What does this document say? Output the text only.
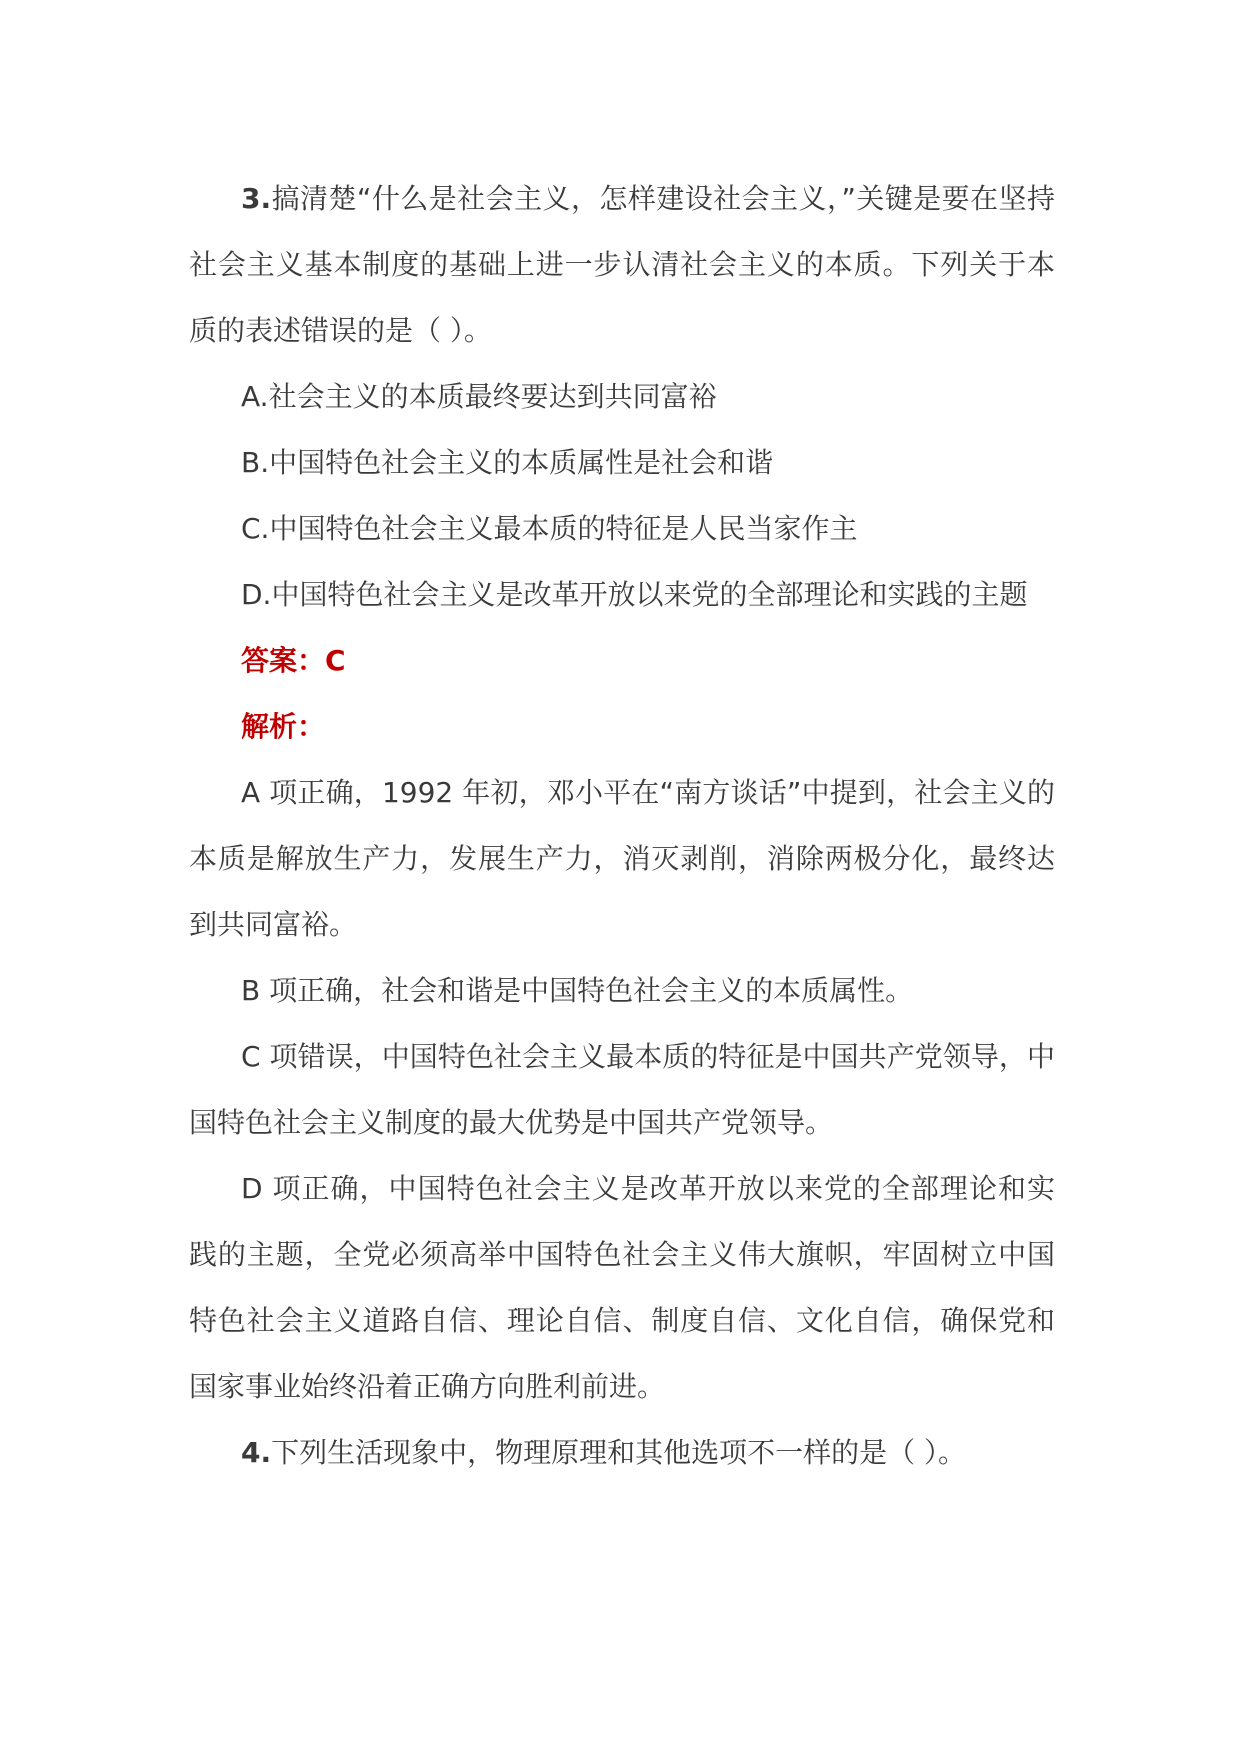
3.搞清楚“什么是社会主义，怎样建设社会主义，”关键是要在坚持社会主义基本制度的基础上进一步认清社会主义的本质。下列关于本质的表述错误的是（ ）。

A.社会主义的本质最终要达到共同富裕

B.中国特色社会主义的本质属性是社会和谐

C.中国特色社会主义最本质的特征是人民当家作主

D.中国特色社会主义是改革开放以来党的全部理论和实践的主题

答案：C

解析：

A 项正确，1992 年初，邓小平在“南方谈话”中提到，社会主义的本质是解放生产力，发展生产力，消灭剥削，消除两极分化，最终达到共同富裕。

B 项正确，社会和谐是中国特色社会主义的本质属性。

C 项错误，中国特色社会主义最本质的特征是中国共产党领导，中国特色社会主义制度的最大优势是中国共产党领导。

D 项正确，中国特色社会主义是改革开放以来党的全部理论和实践的主题，全党必须高举中国特色社会主义伟大旗帜，牢固树立中国特色社会主义道路自信、理论自信、制度自信、文化自信，确保党和国家事业始终沿着正确方向胜利前进。

4.下列生活现象中，物理原理和其他选项不一样的是（ ）。
